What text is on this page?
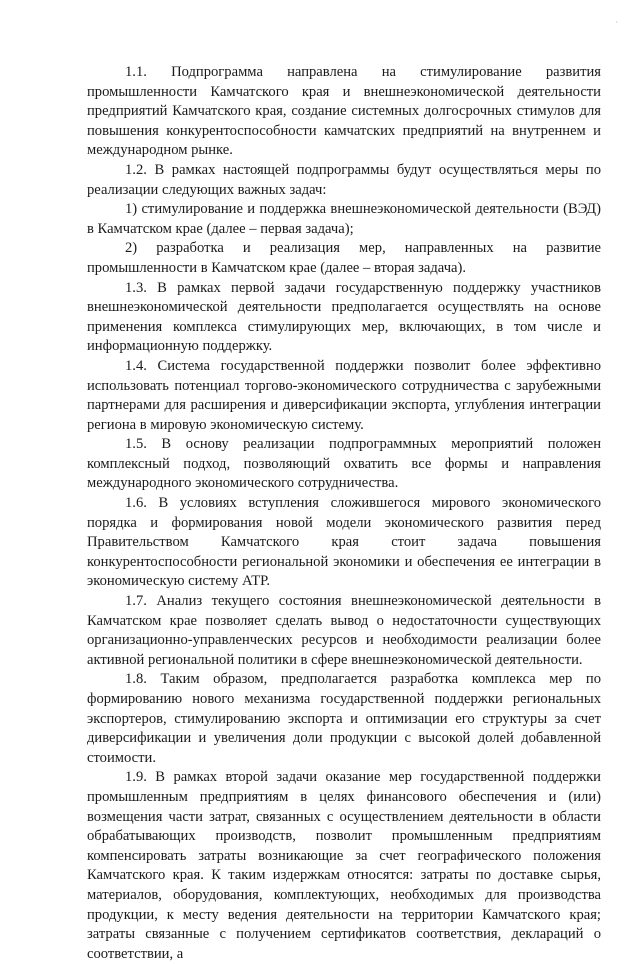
·

1.1. Подпрограмма направлена на стимулирование развития промышленности Камчатского края и внешнеэкономической деятельности предприятий Камчатского края, создание системных долгосрочных стимулов для повышения конкурентоспособности камчатских предприятий на внутреннем и международном рынке.

1.2. В рамках настоящей подпрограммы будут осуществляться меры по реализации следующих важных задач:

1) стимулирование и поддержка внешнеэкономической деятельности (ВЭД) в Камчатском крае (далее – первая задача);

2) разработка и реализация мер, направленных на развитие промышленности в Камчатском крае (далее – вторая задача).

1.3. В рамках первой задачи государственную поддержку участников внешнеэкономической деятельности предполагается осуществлять на основе применения комплекса стимулирующих мер, включающих, в том числе и информационную поддержку.

1.4. Система государственной поддержки позволит более эффективно использовать потенциал торгово-экономического сотрудничества с зарубежными партнерами для расширения и диверсификации экспорта, углубления интеграции региона в мировую экономическую систему.

1.5. В основу реализации подпрограммных мероприятий положен комплексный подход, позволяющий охватить все формы и направления международного экономического сотрудничества.

1.6. В условиях вступления сложившегося мирового экономического порядка и формирования новой модели экономического развития перед Правительством Камчатского края стоит задача повышения конкурентоспособности региональной экономики и обеспечения ее интеграции в экономическую систему АТР.

1.7. Анализ текущего состояния внешнеэкономической деятельности в Камчатском крае позволяет сделать вывод о недостаточности существующих организационно-управленческих ресурсов и необходимости реализации более активной региональной политики в сфере внешнеэкономической деятельности.

1.8. Таким образом, предполагается разработка комплекса мер по формированию нового механизма государственной поддержки региональных экспортеров, стимулированию экспорта и оптимизации его структуры за счет диверсификации и увеличения доли продукции с высокой долей добавленной стоимости.

1.9. В рамках второй задачи оказание мер государственной поддержки промышленным предприятиям в целях финансового обеспечения и (или) возмещения части затрат, связанных с осуществлением деятельности в области обрабатывающих производств, позволит промышленным предприятиям компенсировать затраты возникающие за счет географического положения Камчатского края. К таким издержкам относятся: затраты по доставке сырья, материалов, оборудования, комплектующих, необходимых для производства продукции, к месту ведения деятельности на территории Камчатского края; затраты связанные с получением сертификатов соответствия, деклараций о соответствии, а
